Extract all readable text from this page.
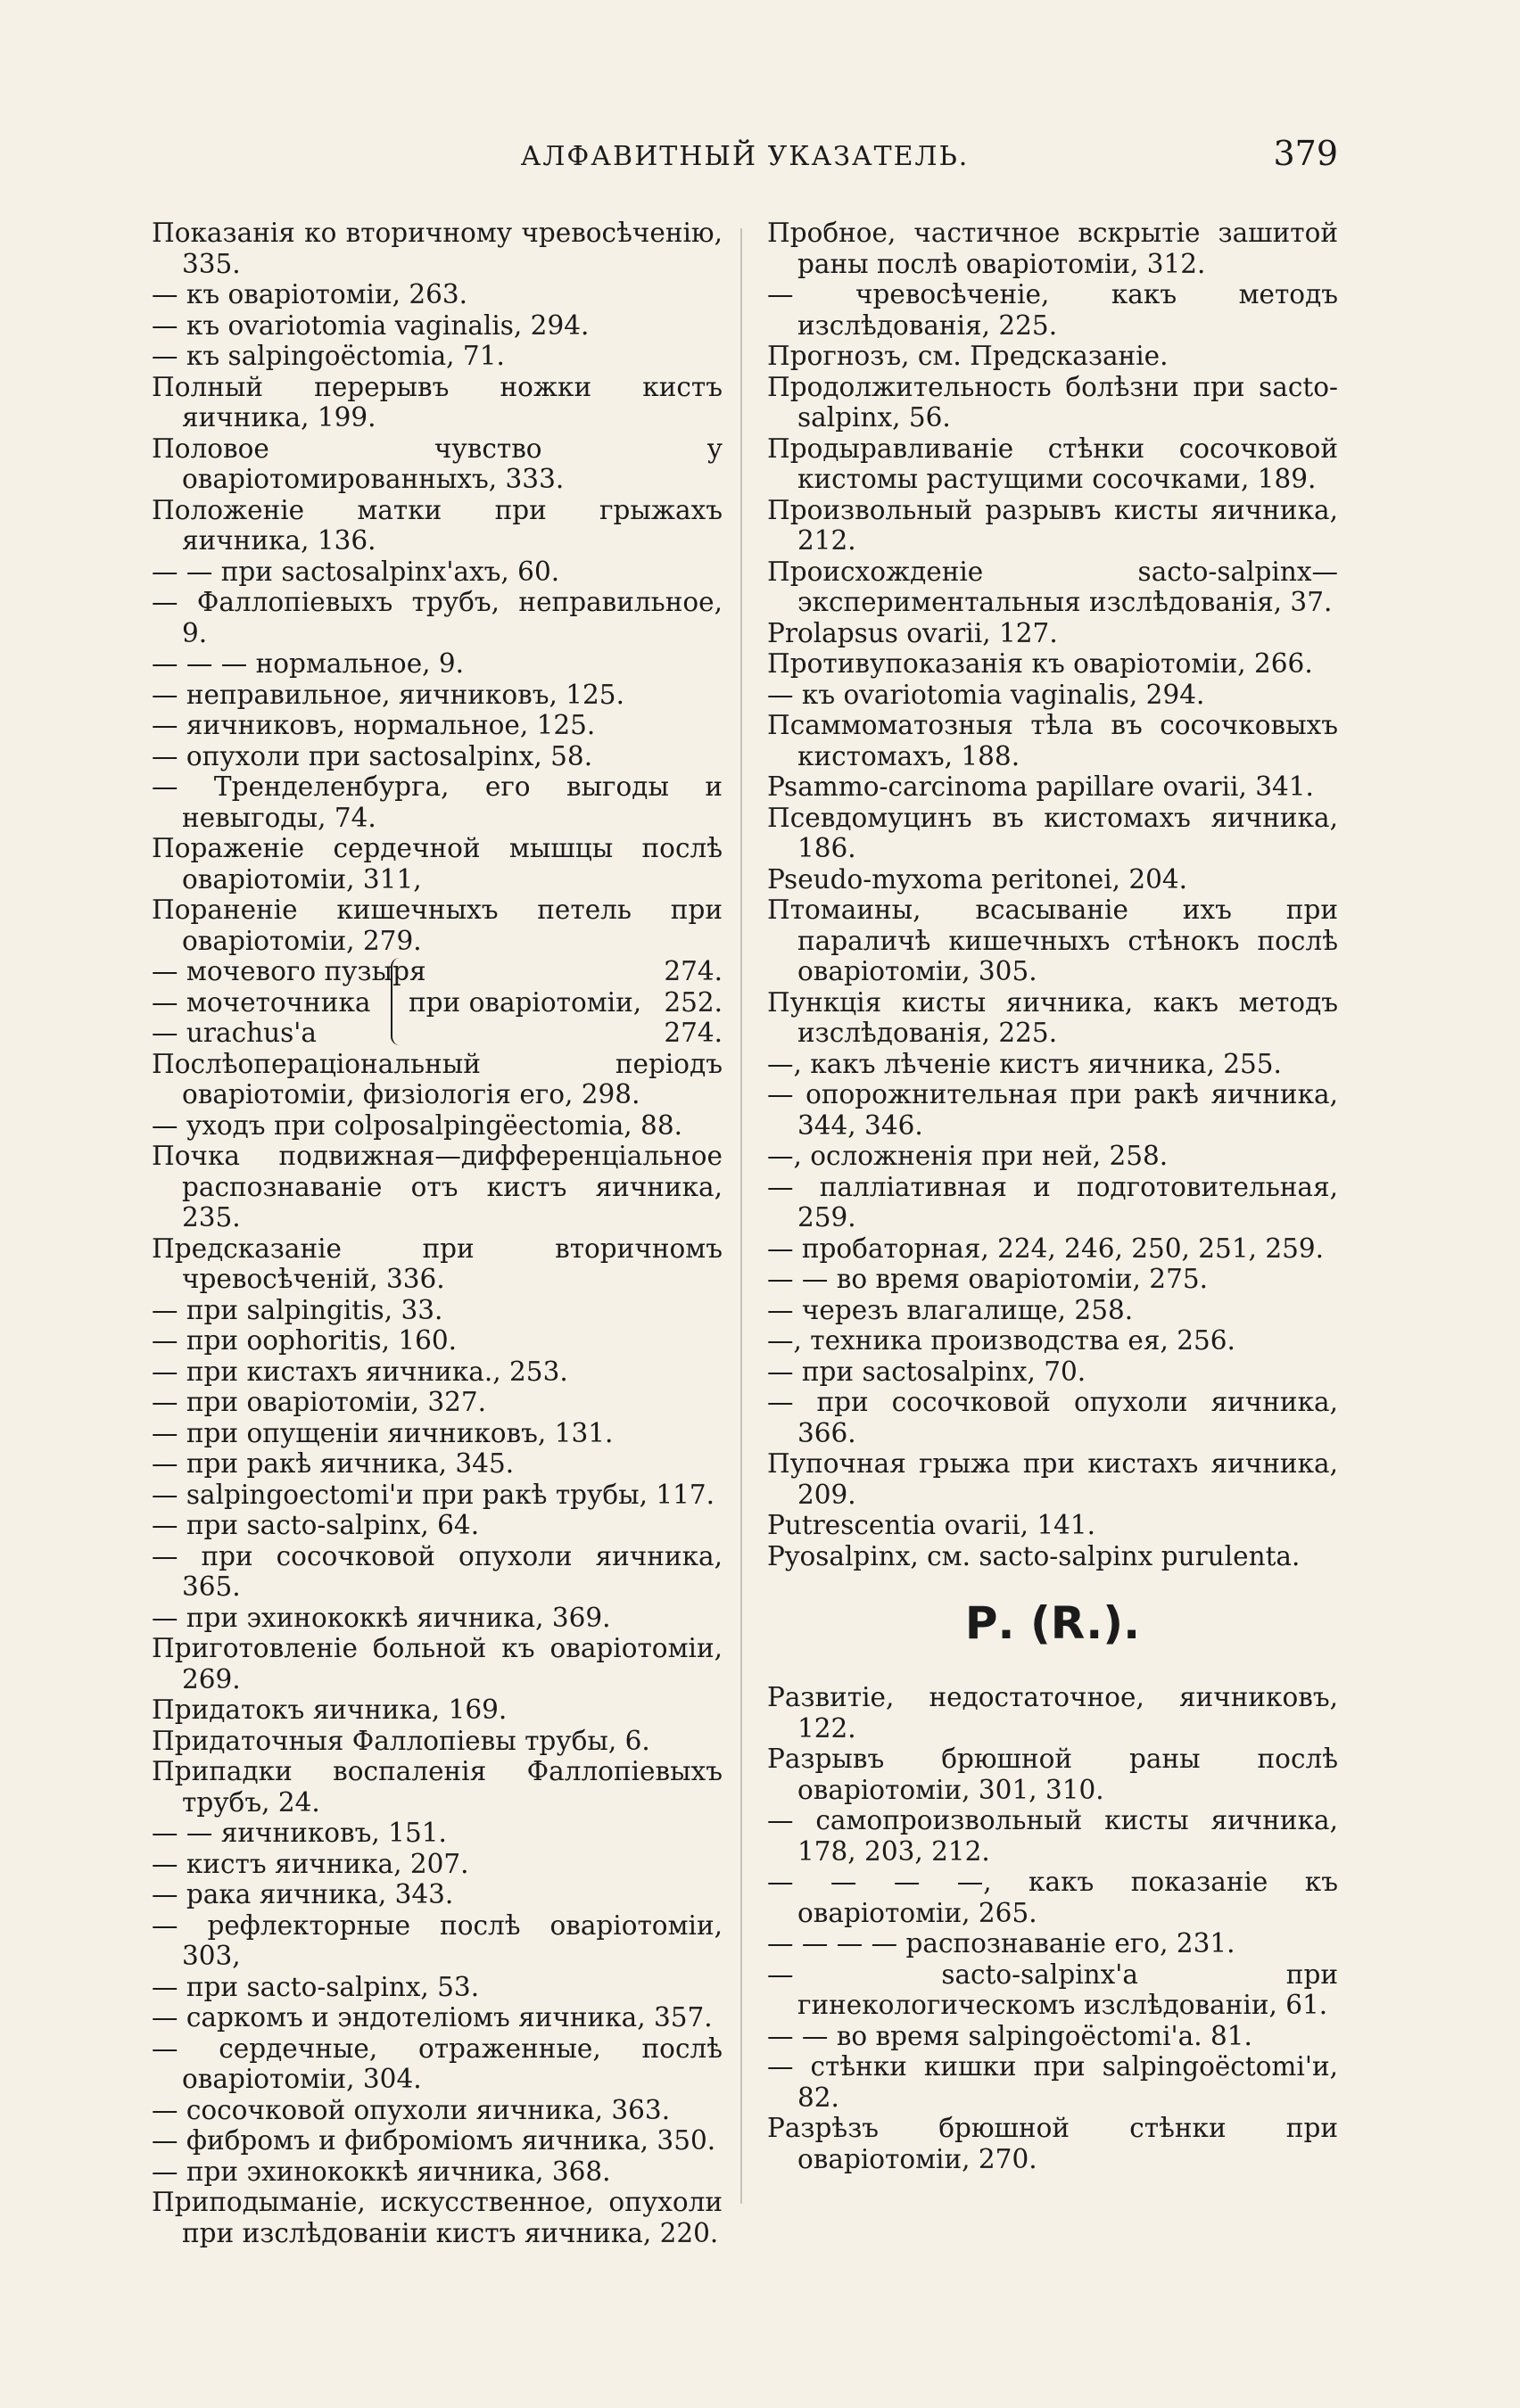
АЛФАВИТНЫЙ УКАЗАТЕЛЬ.	379

Показанія ко вторичному чревосѣченію, 335.

— къ оваріотоміи, 263.

— къ ovariotomia vaginalis, 294.

— къ salpingoёctomia, 71.

Полный перерывъ ножки кистъ яичника, 199.

Половое чувство у оваріотомированныхъ, 333.

Положеніе матки при грыжахъ яичника, 136.

— — при sactosalpinx'ахъ, 60.

— Фаллопіевыхъ трубъ, неправильное, 9.

— — — нормальное, 9.

— неправильное, яичниковъ, 125.

— яичниковъ, нормальное, 125.

— опухоли при sactosalpinx, 58.

— Тренделенбурга, его выгоды и невыгоды, 74.

Пораженіе сердечной мышцы послѣ оваріотоміи, 311,

Пораненіе кишечныхъ петель при оваріотоміи, 279.

— мочевого пузыря	274.
— мочеточника	при оваріотоміи, 252.
— urachus'а	274.

Послѣопераціональный періодъ оваріотоміи, физіологія его, 298.

— уходъ при colposalpingёectomia, 88.

Почка подвижная—дифференціальное распознаваніе отъ кистъ яичника, 235.

Предсказаніе при вторичномъ чревосѣченій, 336.

— при salpingitis, 33.

— при oophoritis, 160.

— при кистахъ яичника., 253.

— при оваріотоміи, 327.

— при опущеніи яичниковъ, 131.

— при ракѣ яичника, 345.

— salpingoectomi'и при ракѣ трубы, 117.

— при sacto-salpinx, 64.

— при сосочковой опухоли яичника, 365.

— при эхинококкѣ яичника, 369.

Приготовленіе больной къ оваріотоміи, 269.

Придатокъ яичника, 169.

Придаточныя Фаллопіевы трубы, 6.

Припадки воспаленія Фаллопіевыхъ трубъ, 24.

— — яичниковъ, 151.

— кистъ яичника, 207.

— рака яичника, 343.

— рефлекторные послѣ оваріотоміи, 303,

— при sacto-salpinx, 53.

— саркомъ и эндотеліомъ яичника, 357.

— сердечные, отраженные, послѣ оваріотоміи, 304.

— сосочковой опухоли яичника, 363.

— фибромъ и фиброміомъ яичника, 350.

— при эхинококкѣ яичника, 368.

Приподыманіе, искусственное, опухоли при изслѣдованіи кистъ яичника, 220.

Пробное, частичное вскрытіе зашитой раны послѣ оваріотоміи, 312.

— чревосѣченіе, какъ методъ изслѣдованія, 225.

Прогнозъ, см. Предсказаніе.

Продолжительность болѣзни при sacto-salpinx, 56.

Продыравливаніе стѣнки сосочковой кистомы растущими сосочками, 189.

Произвольный разрывъ кисты яичника, 212.

Происхожденіе sacto-salpinx—экспериментальныя изслѣдованія, 37.

Prolapsus ovarii, 127.

Противупоказанія къ оваріотоміи, 266.

— къ ovariotomia vaginalis, 294.

Псаммоматозныя тѣла въ сосочковыхъ кистомахъ, 188.

Psammo-carcinoma papillare ovarii, 341.

Псевдомуцинъ въ кистомахъ яичника, 186.

Pseudo-myxoma peritonei, 204.

Птомаины, всасываніе ихъ при параличѣ кишечныхъ стѣнокъ послѣ оваріотоміи, 305.

Пункція кисты яичника, какъ методъ изслѣдованія, 225.

—, какъ лѣченіе кистъ яичника, 255.

— опорожнительная при ракѣ яичника, 344, 346.

—, осложненія при ней, 258.

— палліативная и подготовительная, 259.

— пробаторная, 224, 246, 250, 251, 259.

— — во время оваріотоміи, 275.

— черезъ влагалище, 258.

—, техника производства ея, 256.

— при sactosalpinx, 70.

— при сосочковой опухоли яичника, 366.

Пупочная грыжа при кистахъ яичника, 209.

Putrescentia ovarii, 141.

Pyosalpinx, см. sacto-salpinx purulenta.

Р. (R.).

Развитіе, недостаточное, яичниковъ, 122.

Разрывъ брюшной раны послѣ оваріотоміи, 301, 310.

— самопроизвольный кисты яичника, 178, 203, 212.

— — — —, какъ показаніе къ оваріотоміи, 265.

— — — — распознаваніе его, 231.

— sacto-salpinx'а при гинекологическомъ изслѣдованіи, 61.

— — во время salpingoёctomi'а. 81.

— стѣнки кишки при salpingoёctomi'и, 82.

Разрѣзъ брюшной стѣнки при оваріотоміи, 270.
